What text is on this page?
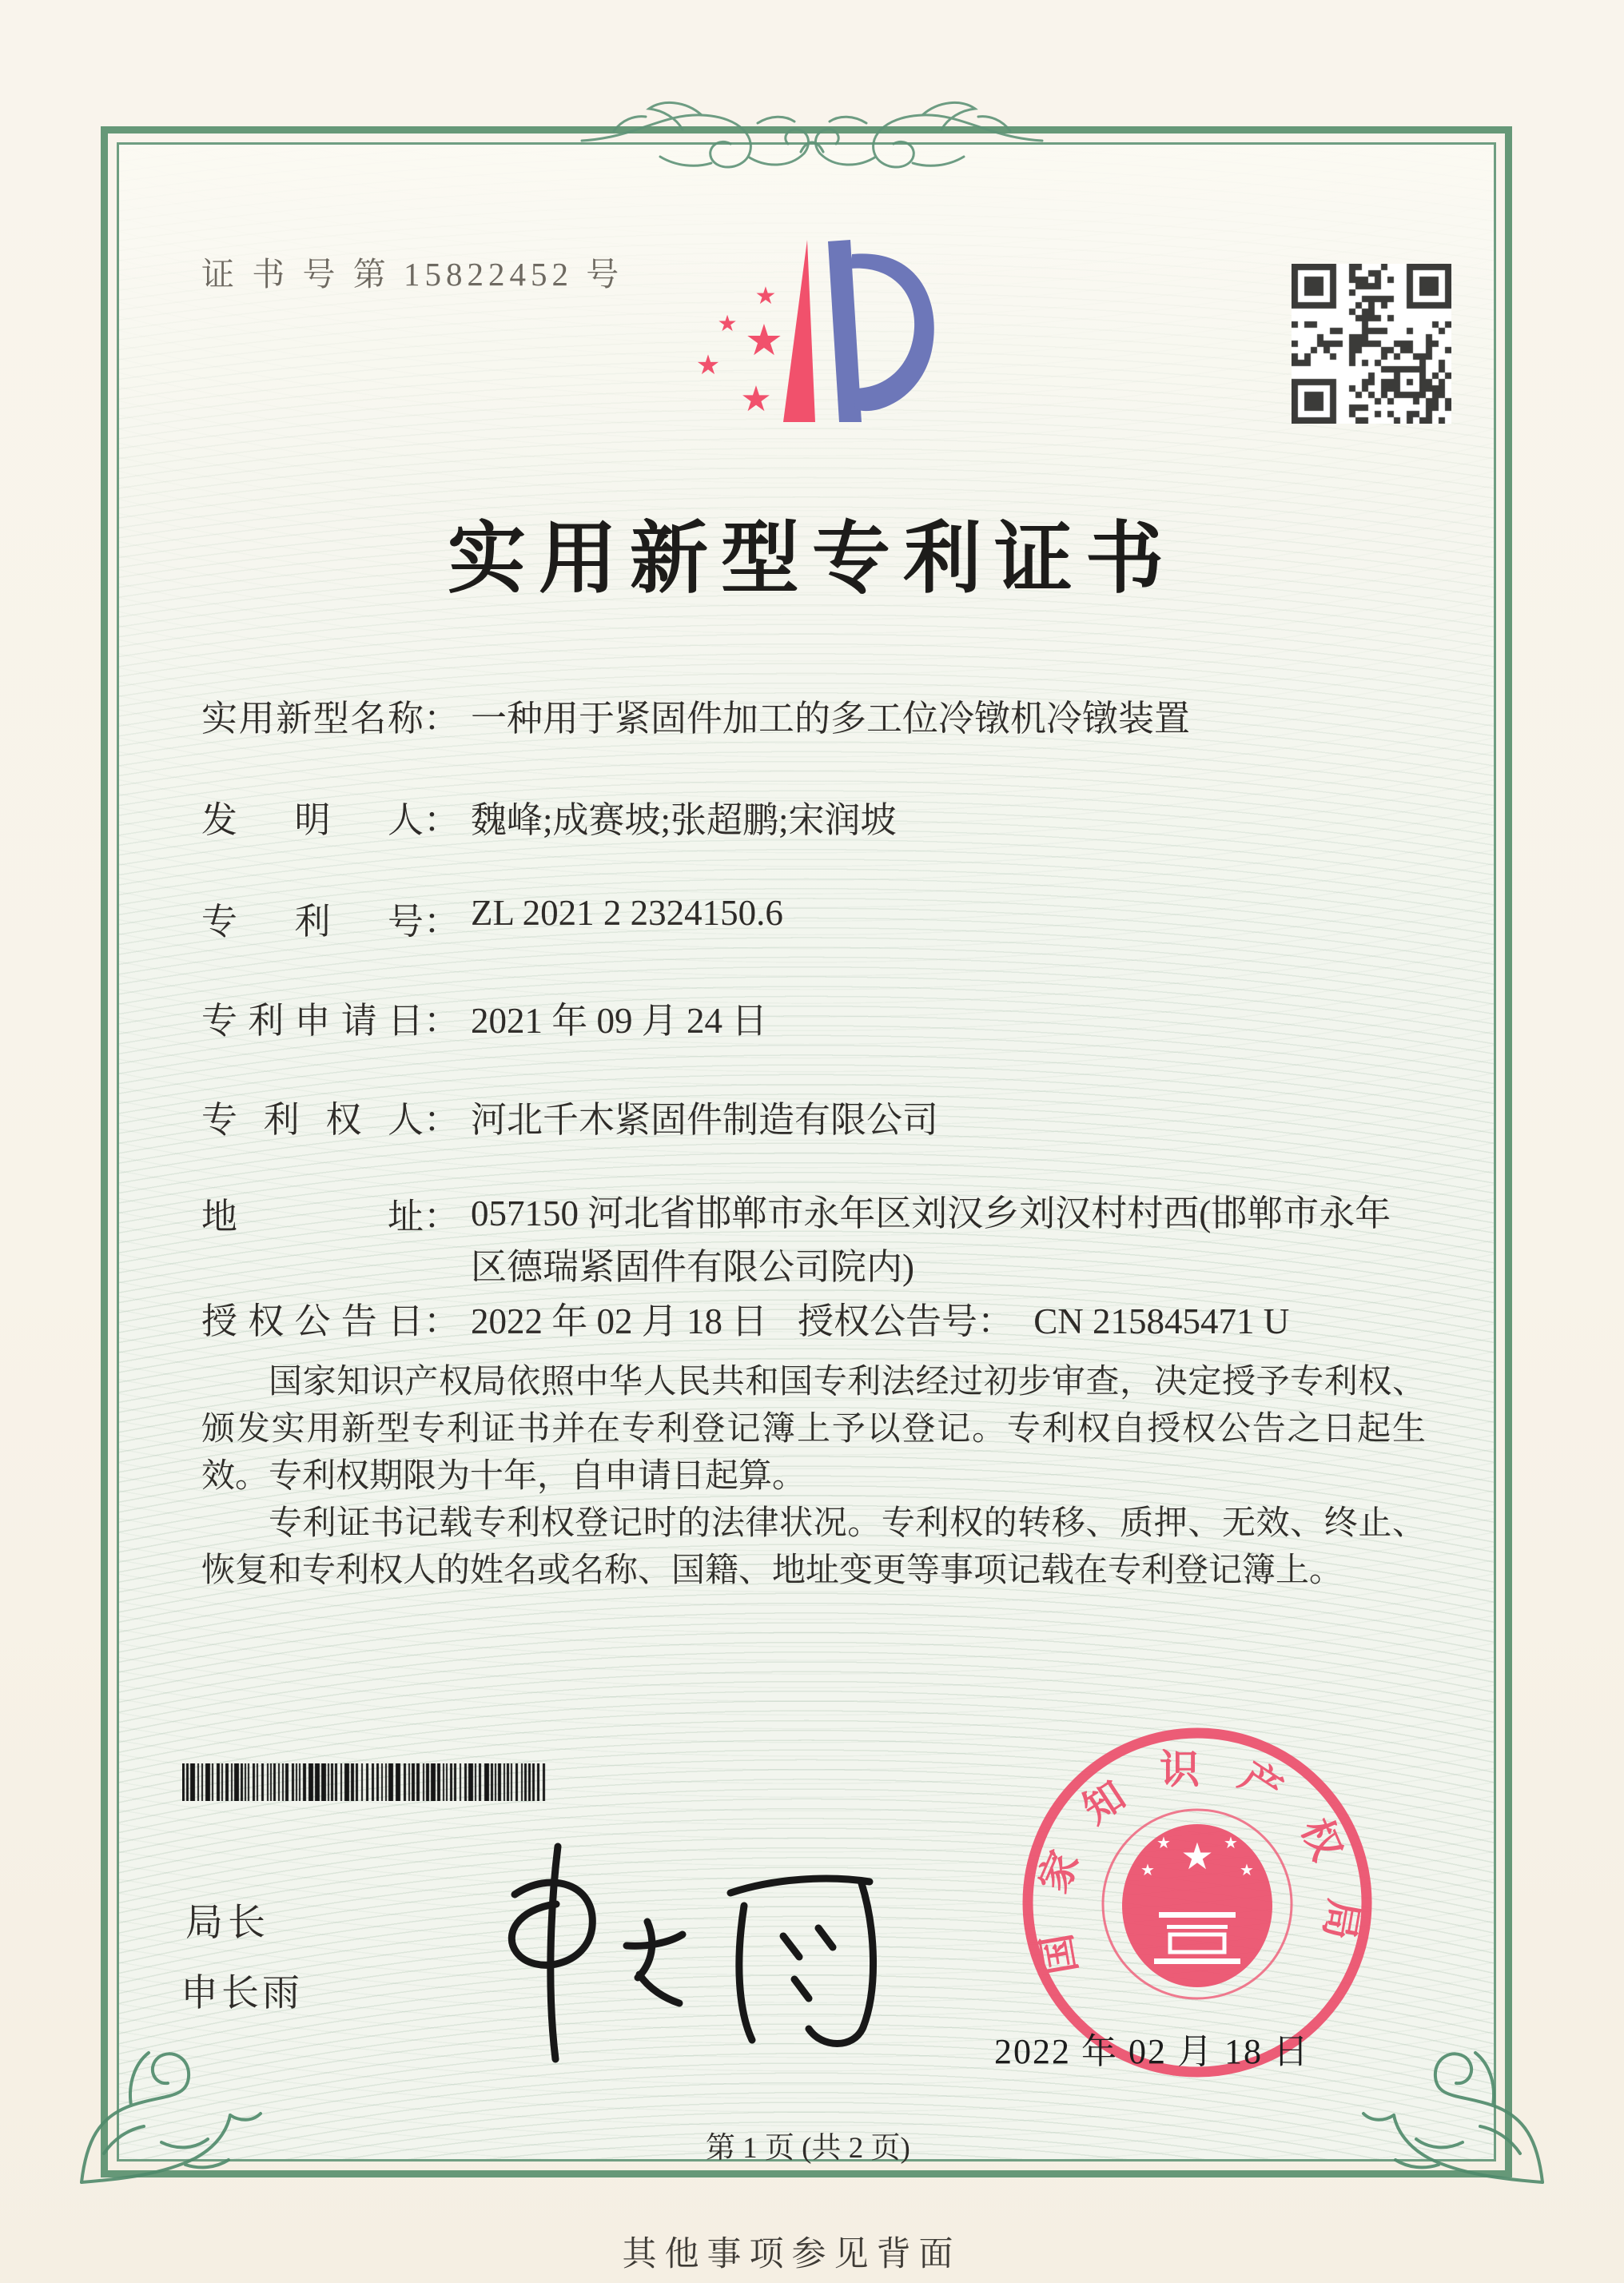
证 书 号 第 15822452 号
★
★ ★
★
★
实用新型专利证书
实用新型名称 ： 一种用于紧固件加工的多工位冷镦机冷镦装置
发明人 ： 魏峰;成赛坡;张超鹏;宋润坡
专利号 ： ZL 2021 2 2324150.6
专利申请日 ： 2021 年 09 月 24 日
专利权人 ： 河北千木紧固件制造有限公司
地址 ： 057150 河北省邯郸市永年区刘汉乡刘汉村村西(邯郸市永年区德瑞紧固件有限公司院内)
授权公告日 ： 2022 年 02 月 18 日 授权公告号： CN 215845471 U

国家知识产权局依照中华人民共和国专利法经过初步审查，决定授予专利权、颁发实用新型专利证书并在专利登记簿上予以登记。专利权自授权公告之日起生效。专利权期限为十年，自申请日起算。

专利证书记载专利权登记时的法律状况。专利权的转移、质押、无效、终止、恢复和专利权人的姓名或名称、国籍、地址变更等事项记载在专利登记簿上。

局长
申长雨
国家知识产权局
★
★	★
★	★
2022 年 02 月 18 日
第 1 页 (共 2 页)
其他事项参见背面
